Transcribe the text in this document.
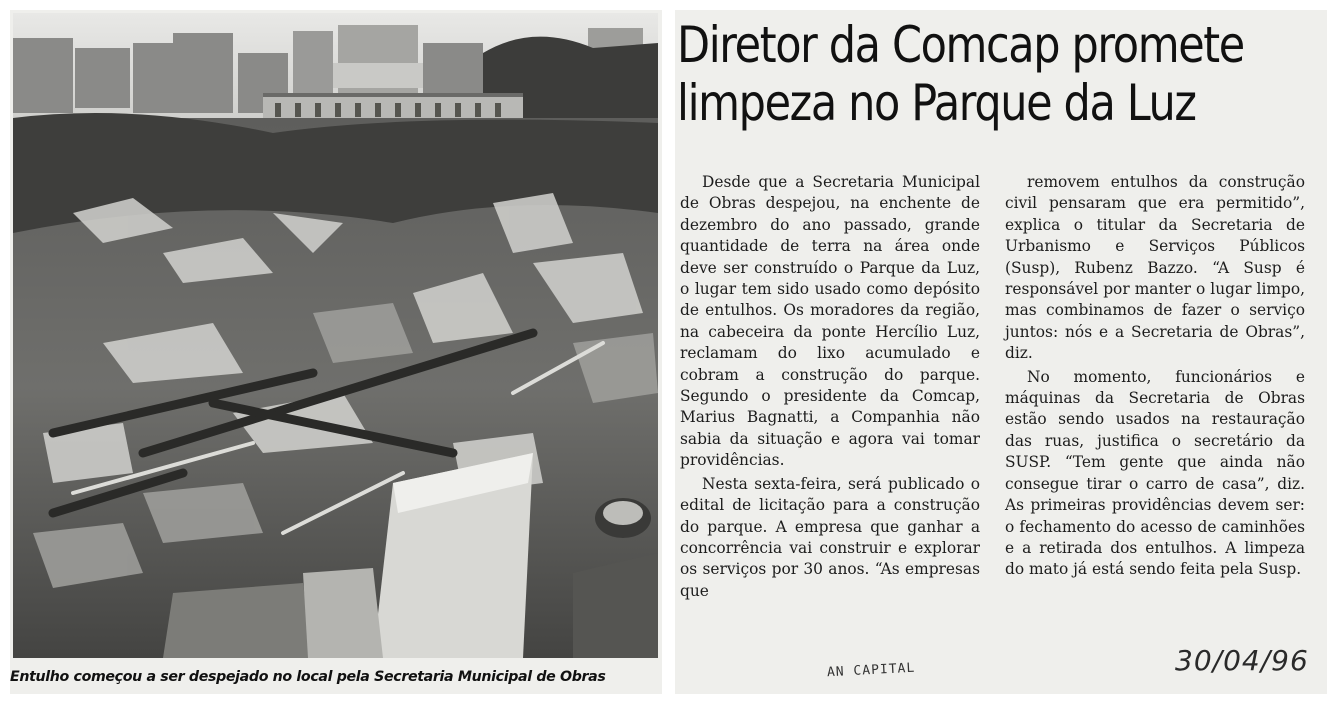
Entulho começou a ser despejado no local pela Secretaria Municipal de Obras
Diretor da Comcap promete
limpeza no Parque da Luz

Desde que a Secretaria Municipal de Obras despejou, na enchente de dezembro do ano passado, grande quantidade de terra na área onde deve ser construído o Parque da Luz, o lugar tem sido usado como depósito de entulhos. Os moradores da região, na cabeceira da ponte Hercílio Luz, reclamam do lixo acumulado e cobram a construção do parque. Segundo o presidente da Comcap, Marius Bagnatti, a Companhia não sabia da situação e agora vai tomar providências.

Nesta sexta-feira, será publicado o edital de licitação para a construção do parque. A empresa que ganhar a concorrência vai construir e explorar os serviços por 30 anos. “As empresas que

removem entulhos da construção civil pensaram que era permitido”, explica o titular da Secretaria de Urbanismo e Serviços Públicos (Susp), Rubenz Bazzo. “A Susp é responsável por manter o lugar limpo, mas combinamos de fazer o serviço juntos: nós e a Secretaria de Obras”, diz.

No momento, funcionários e máquinas da Secretaria de Obras estão sendo usados na restauração das ruas, justifica o secretário da SUSP. “Tem gente que ainda não consegue tirar o carro de casa”, diz. As primeiras providências devem ser: o fechamento do acesso de caminhões e a retirada dos entulhos. A limpeza do mato já está sendo feita pela Susp.

AN CAPITAL	30/04/96
